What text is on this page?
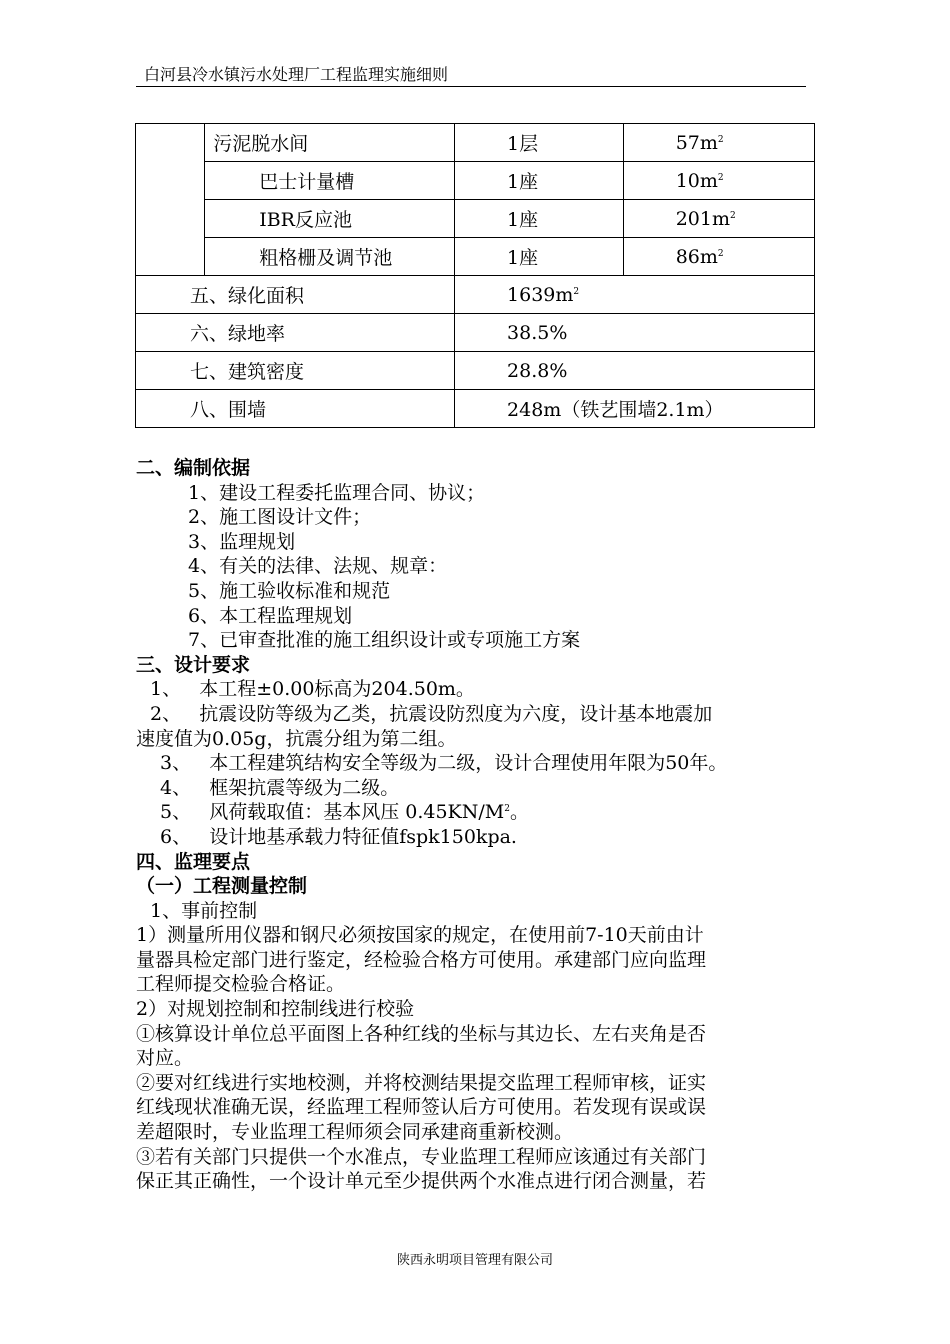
白河县冷水镇污水处理厂工程监理实施细则
	污泥脱水间	1层	$57m^2$
	巴士计量槽	1座	$10m^2$
	IBR反应池	1座	$201m^2$
	粗格栅及调节池	1座	$86m^2$
五、绿化面积		$1639m^2$
六、绿地率		38.5%	
七、建筑密度		28.8%	
八、围墙		248m（铁艺围墙2.1m）	

二、编制依据

1、建设工程委托监理合同、协议；

2、施工图设计文件；

3、监理规划

4、有关的法律、法规、规章：

5、施工验收标准和规范

6、本工程监理规划

7、已审查批准的施工组织设计或专项施工方案

三、设计要求

1、   本工程±0.00标高为204.50m。

2、   抗震设防等级为乙类，抗震设防烈度为六度，设计基本地震加

速度值为0.05g，抗震分组为第二组。

3、   本工程建筑结构安全等级为二级，设计合理使用年限为50年。

4、   框架抗震等级为二级。

5、   风荷载取值：基本风压 $0.45KN/M^2$。

6、   设计地基承载力特征值fspk150kpa.

四、监理要点

（一）工程测量控制

1、事前控制

1）测量所用仪器和钢尺必须按国家的规定，在使用前7-10天前由计

量器具检定部门进行鉴定，经检验合格方可使用。承建部门应向监理

工程师提交检验合格证。

2）对规划控制和控制线进行校验

①核算设计单位总平面图上各种红线的坐标与其边长、左右夹角是否

对应。

②要对红线进行实地校测，并将校测结果提交监理工程师审核，证实

红线现状准确无误，经监理工程师签认后方可使用。若发现有误或误

差超限时，专业监理工程师须会同承建商重新校测。

③若有关部门只提供一个水准点，专业监理工程师应该通过有关部门

保正其正确性，一个设计单元至少提供两个水准点进行闭合测量，若

陕西永明项目管理有限公司
